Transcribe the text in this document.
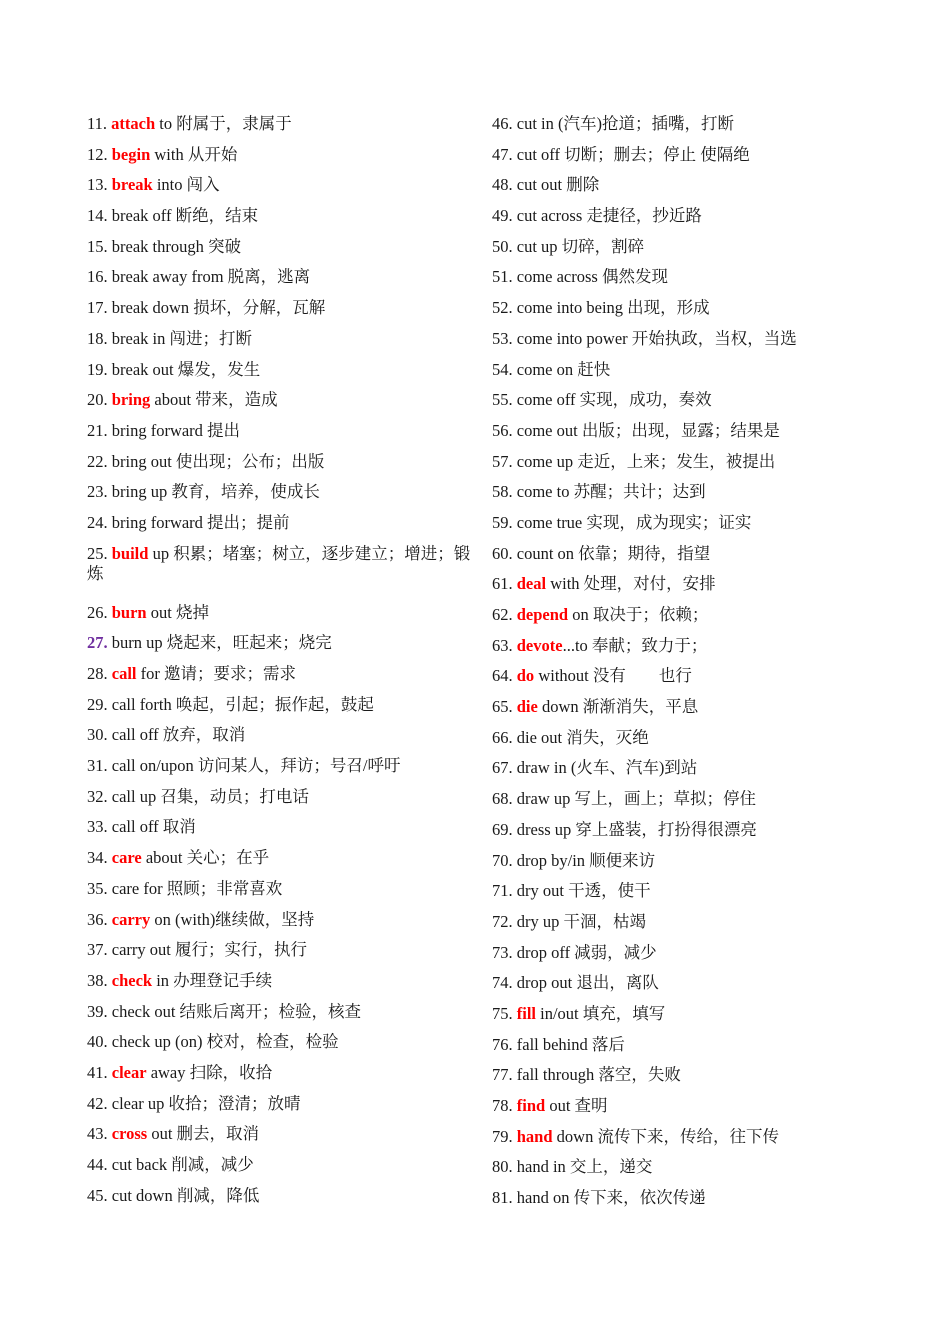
11. attach to 附属于，隶属于
12. begin with 从开始
13. break into 闯入
14. break off 断绝，结束
15. break through 突破
16. break away from 脱离，逃离
17. break down 损坏，分解，瓦解
18. break in 闯进；打断
19. break out 爆发，发生
20. bring about 带来，造成
21. bring forward 提出
22. bring out 使出现；公布；出版
23. bring up 教育，培养，使成长
24. bring forward 提出；提前
25. build up 积累；堵塞；树立，逐步建立；增进；锻炼
26. burn out 烧掉
27. burn up 烧起来，旺起来；烧完
28. call for 邀请；要求；需求
29. call forth 唤起，引起；振作起，鼓起
30. call off 放弃，取消
31. call on/upon 访问某人，拜访；号召/呼吁
32. call up 召集，动员；打电话
33. call off 取消
34. care about 关心；在乎
35. care for 照顾；非常喜欢
36. carry on (with)继续做，坚持
37. carry out 履行；实行，执行
38. check in 办理登记手续
39. check out 结账后离开；检验，核查
40. check up (on) 校对，检查，检验
41. clear away 扫除，收拾
42. clear up 收拾；澄清；放晴
43. cross out 删去，取消
44. cut back 削减，减少
45. cut down 削减，降低
46. cut in (汽车)抢道；插嘴，打断
47. cut off 切断；删去；停止 使隔绝
48. cut out 删除
49. cut across 走捷径，抄近路
50. cut up 切碎，割碎
51. come across 偶然发现
52. come into being 出现，形成
53. come into power 开始执政，当权，当选
54. come on 赶快
55. come off 实现，成功，奏效
56. come out 出版；出现，显露；结果是
57. come up 走近，上来；发生，被提出
58. come to 苏醒；共计；达到
59. come true 实现，成为现实；证实
60. count on 依靠；期待，指望
61. deal with 处理，对付，安排
62. depend on 取决于；依赖；
63. devote...to 奉献；致力于；
64. do without 没有　　也行
65. die down 渐渐消失，平息
66. die out 消失，灭绝
67. draw in (火车、汽车)到站
68. draw up 写上，画上；草拟；停住
69. dress up 穿上盛装，打扮得很漂亮
70. drop by/in 顺便来访
71. dry out 干透，使干
72. dry up 干涸，枯竭
73. drop off 减弱，减少
74. drop out 退出，离队
75. fill in/out 填充，填写
76. fall behind 落后
77. fall through 落空，失败
78. find out 查明
79. hand down 流传下来，传给，往下传
80. hand in 交上，递交
81. hand on 传下来，依次传递
